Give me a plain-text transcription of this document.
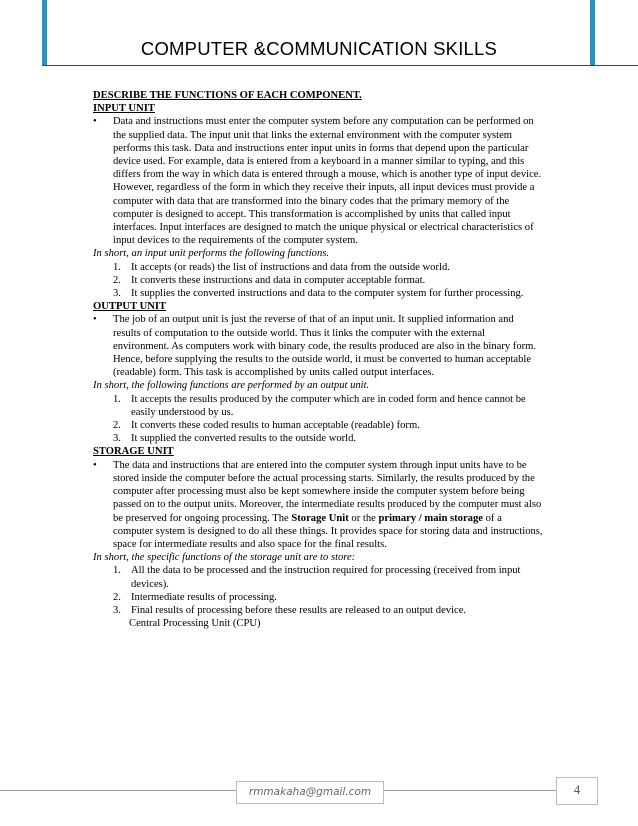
COMPUTER &COMMUNICATION SKILLS
DESCRIBE THE FUNCTIONS OF EACH COMPONENT.
INPUT UNIT
•	Data and instructions must enter the computer system before any computation can be performed on the supplied data. The input unit that links the external environment with the computer system performs this task. Data and instructions enter input units in forms that depend upon the particular device used. For example, data is entered from a keyboard in a manner similar to typing, and this differs from the way in which data is entered through a mouse, which is another type of input device. However, regardless of the form in which they receive their inputs, all input devices must provide a computer with data that are transformed into the binary codes that the primary memory of the computer is designed to accept. This transformation is accomplished by units that called input interfaces. Input interfaces are designed to match the unique physical or electrical characteristics of input devices to the requirements of the computer system.
In short, an input unit performs the following functions.
1. It accepts (or reads) the list of instructions and data from the outside world.
2. It converts these instructions and data in computer acceptable format.
3. It supplies the converted instructions and data to the computer system for further processing.
OUTPUT UNIT
•	The job of an output unit is just the reverse of that of an input unit. It supplied information and results of computation to the outside world. Thus it links the computer with the external environment. As computers work with binary code, the results produced are also in the binary form. Hence, before supplying the results to the outside world, it must be converted to human acceptable (readable) form. This task is accomplished by units called output interfaces.
In short, the following functions are performed by an output unit.
1. It accepts the results produced by the computer which are in coded form and hence cannot be easily understood by us.
2. It converts these coded results to human acceptable (readable) form.
3. It supplied the converted results to the outside world.
STORAGE UNIT
•	The data and instructions that are entered into the computer system through input units have to be stored inside the computer before the actual processing starts. Similarly, the results produced by the computer after processing must also be kept somewhere inside the computer system before being passed on to the output units. Moreover, the intermediate results produced by the computer must also be preserved for ongoing processing. The Storage Unit or the primary / main storage of a computer system is designed to do all these things. It provides space for storing data and instructions, space for intermediate results and also space for the final results.
In short, the specific functions of the storage unit are to store:
1. All the data to be processed and the instruction required for processing (received from input devices).
2. Intermediate results of processing.
3. Final results of processing before these results are released to an output device.
Central Processing Unit (CPU)
rmmakaha@gmail.com	4
